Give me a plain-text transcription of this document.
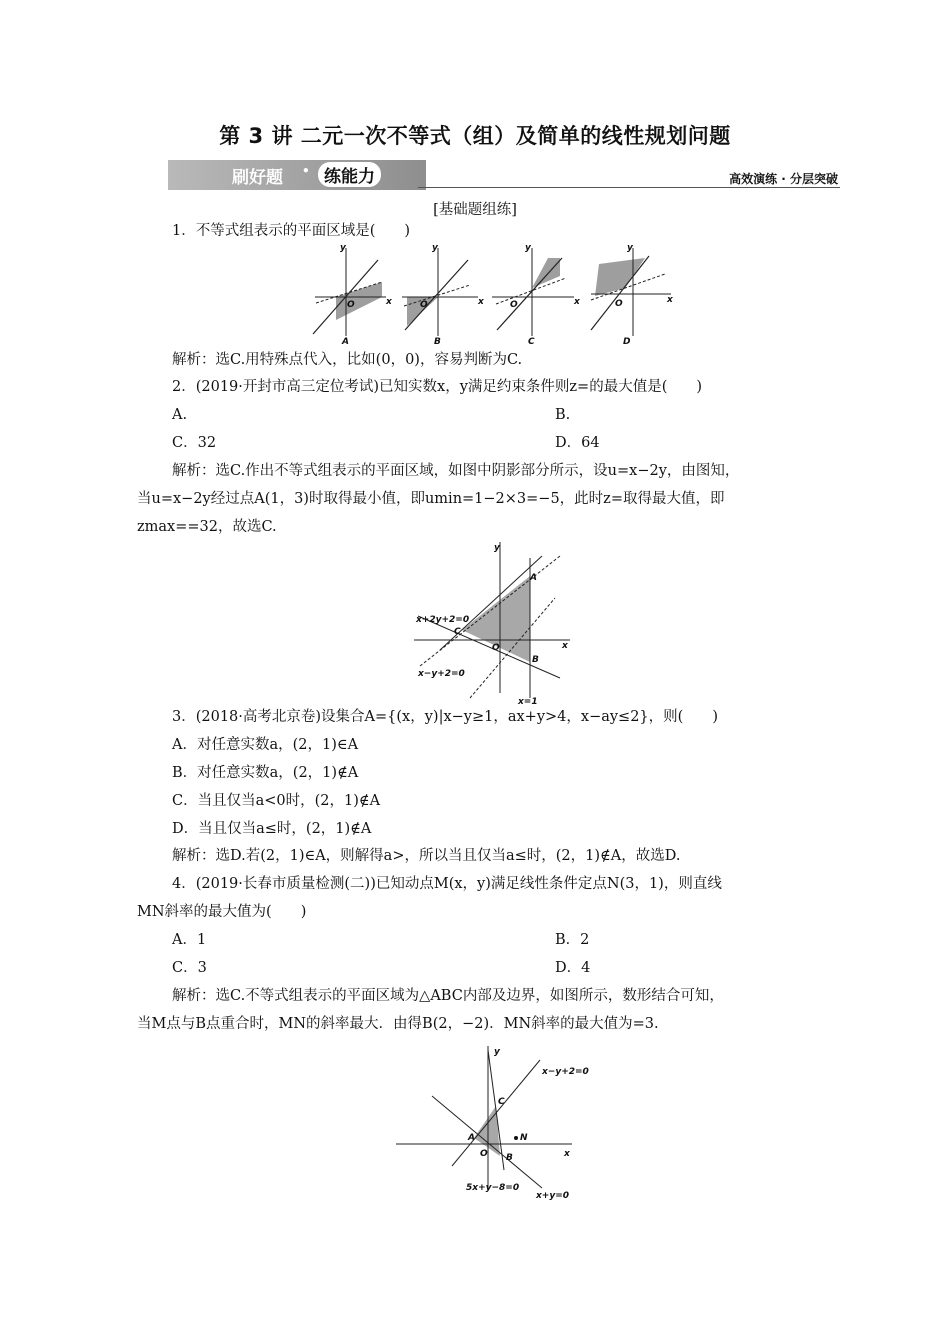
第 3 讲 二元一次不等式（组）及简单的线性规划问题
刷好题 • 练能力	高效演练 · 分层突破
[基础题组练]
1．不等式组表示的平面区域是(　　)
y
x
O
A
y
x
O
B
y
x
O
C
y
x
O
D
解析：选C.用特殊点代入，比如(0，0)，容易判断为C.
2．(2019·开封市高三定位考试)已知实数x，y满足约束条件则z=的最大值是(　　)
A.	B.
C．32	D．64
解析：选C.作出不等式组表示的平面区域，如图中阴影部分所示，设u=x−2y，由图知，
当u=x−2y经过点A(1，3)时取得最小值，即umin=1−2×3=−5，此时z=取得最大值，即
zmax==32，故选C.
y
x
O
A
B
C
x+2y+2=0
x−y+2=0
x=1
3．(2018·高考北京卷)设集合A={(x，y)|x−y≥1，ax+y>4，x−ay≤2}，则(　　)
A．对任意实数a，(2，1)∈A
B．对任意实数a，(2，1)∉A
C．当且仅当a<0时，(2，1)∉A
D．当且仅当a≤时，(2，1)∉A
解析：选D.若(2，1)∈A，则解得a>，所以当且仅当a≤时，(2，1)∉A，故选D.
4．(2019·长春市质量检测(二))已知动点M(x，y)满足线性条件定点N(3，1)，则直线
MN斜率的最大值为(　　)
A．1	B．2
C．3	D．4
解析：选C.不等式组表示的平面区域为△ABC内部及边界，如图所示，数形结合可知，
当M点与B点重合时，MN的斜率最大．由得B(2，−2)．MN斜率的最大值为=3.
y
x
O
A
B
C
N
x−y+2=0
5x+y−8=0
x+y=0
